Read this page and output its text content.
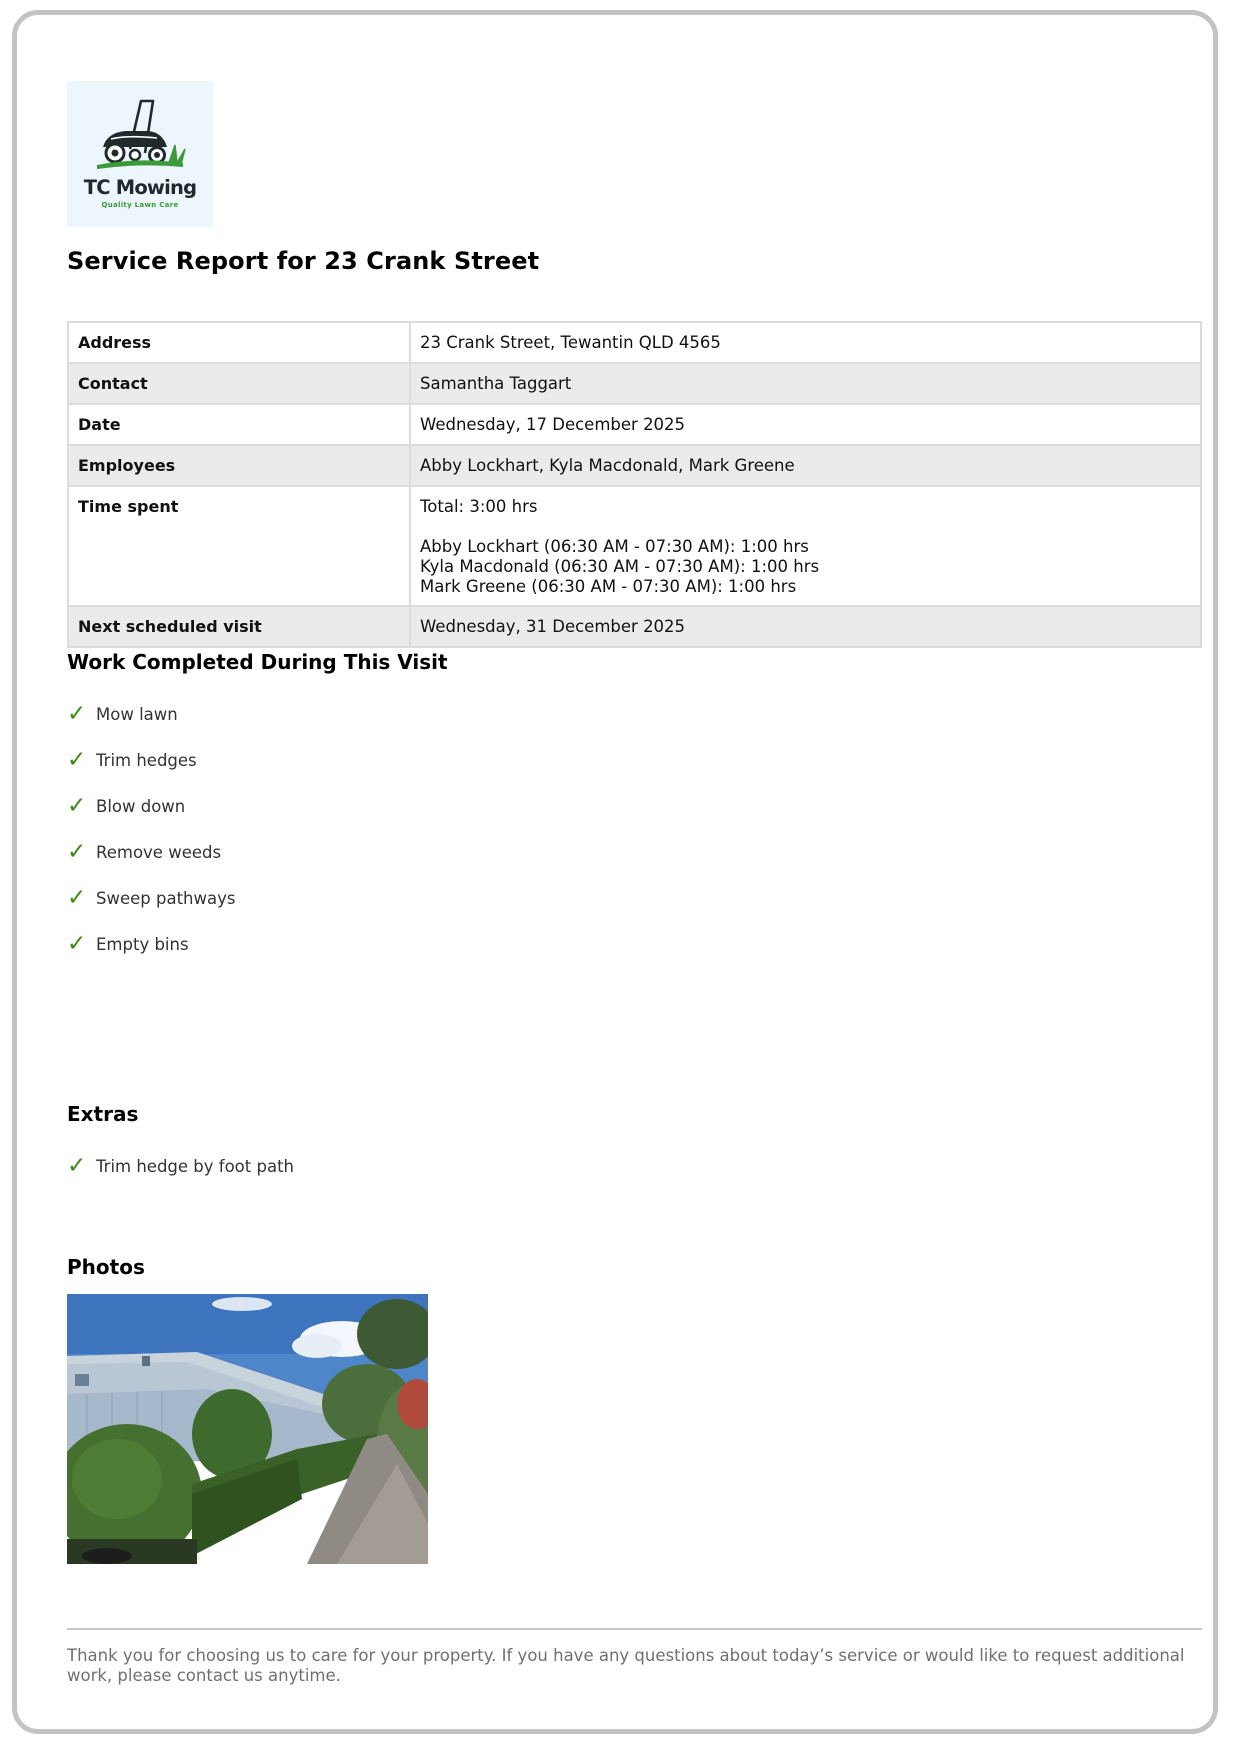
TC Mowing
Quality Lawn Care
Service Report for 23 Crank Street
Address	23 Crank Street, Tewantin QLD 4565
Contact	Samantha Taggart
Date	Wednesday, 17 December 2025
Employees	Abby Lockhart, Kyla Macdonald, Mark Greene
Time spent	Total: 3:00 hrs
Abby Lockhart (06:30 AM - 07:30 AM): 1:00 hrs
Kyla Macdonald (06:30 AM - 07:30 AM): 1:00 hrs
Mark Greene (06:30 AM - 07:30 AM): 1:00 hrs

Next scheduled visit	Wednesday, 31 December 2025
Work Completed During This Visit
✓ Mow lawn
✓ Trim hedges
✓ Blow down
✓ Remove weeds
✓ Sweep pathways
✓ Empty bins
Extras
✓ Trim hedge by foot path
Photos

Thank you for choosing us to care for your property. If you have any questions about today’s service or would like to request additional work, please contact us anytime.
